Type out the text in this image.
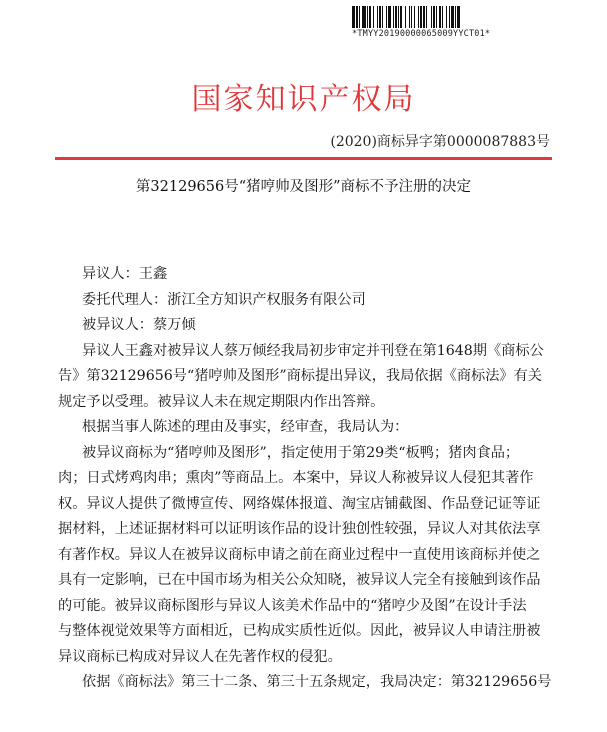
*TMYY20190000065009YYCT01*
国家知识产权局
(2020)商标异字第0000087883号
第32129656号“猪哼帅及图形”商标不予注册的决定
异议人：王鑫
委托代理人：浙江全方知识产权服务有限公司
被异议人：蔡万倾
异议人王鑫对被异议人蔡万倾经我局初步审定并刊登在第1648期《商标公
告》第32129656号“猪哼帅及图形”商标提出异议，我局依据《商标法》有关
规定予以受理。被异议人未在规定期限内作出答辩。
根据当事人陈述的理由及事实，经审查，我局认为：
被异议商标为“猪哼帅及图形”，指定使用于第29类“板鸭；猪肉食品；
肉；日式烤鸡肉串；熏肉”等商品上。本案中，异议人称被异议人侵犯其著作
权。异议人提供了微博宣传、网络媒体报道、淘宝店铺截图、作品登记证等证
据材料，上述证据材料可以证明该作品的设计独创性较强，异议人对其依法享
有著作权。异议人在被异议商标申请之前在商业过程中一直使用该商标并使之
具有一定影响，已在中国市场为相关公众知晓，被异议人完全有接触到该作品
的可能。被异议商标图形与异议人该美术作品中的“猪哼少及图”在设计手法
与整体视觉效果等方面相近，已构成实质性近似。因此，被异议人申请注册被
异议商标已构成对异议人在先著作权的侵犯。
依据《商标法》第三十二条、第三十五条规定，我局决定：第32129656号
